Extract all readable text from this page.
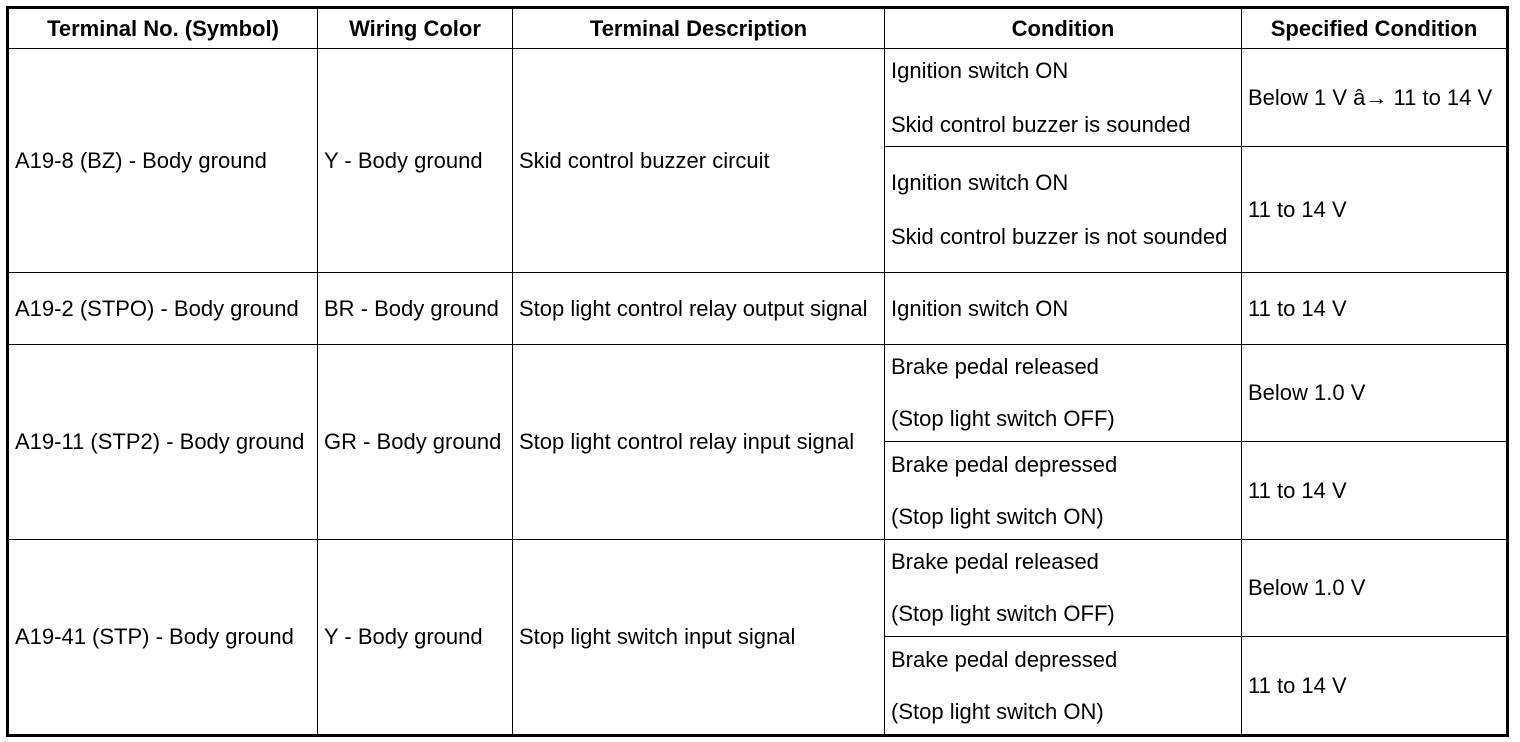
Terminal No. (Symbol)	Wiring Color	Terminal Description	Condition	Specified Condition
A19-8 (BZ) - Body ground	Y - Body ground	Skid control buzzer circuit	Ignition switch ON
Skid control buzzer is sounded	Below 1 V â→ 11 to 14 V

			Ignition switch ON
Skid control buzzer is not sounded	11 to 14 V
A19-2 (STPO) - Body ground	BR - Body ground	Stop light control relay output signal	Ignition switch ON	11 to 14 V
A19-11 (STP2) - Body ground	GR - Body ground	Stop light control relay input signal	Brake pedal released
(Stop light switch OFF)	Below 1.0 V

			Brake pedal depressed
(Stop light switch ON)	11 to 14 V
A19-41 (STP) - Body ground	Y - Body ground	Stop light switch input signal	Brake pedal released
(Stop light switch OFF)	Below 1.0 V

			Brake pedal depressed
(Stop light switch ON)	11 to 14 V
